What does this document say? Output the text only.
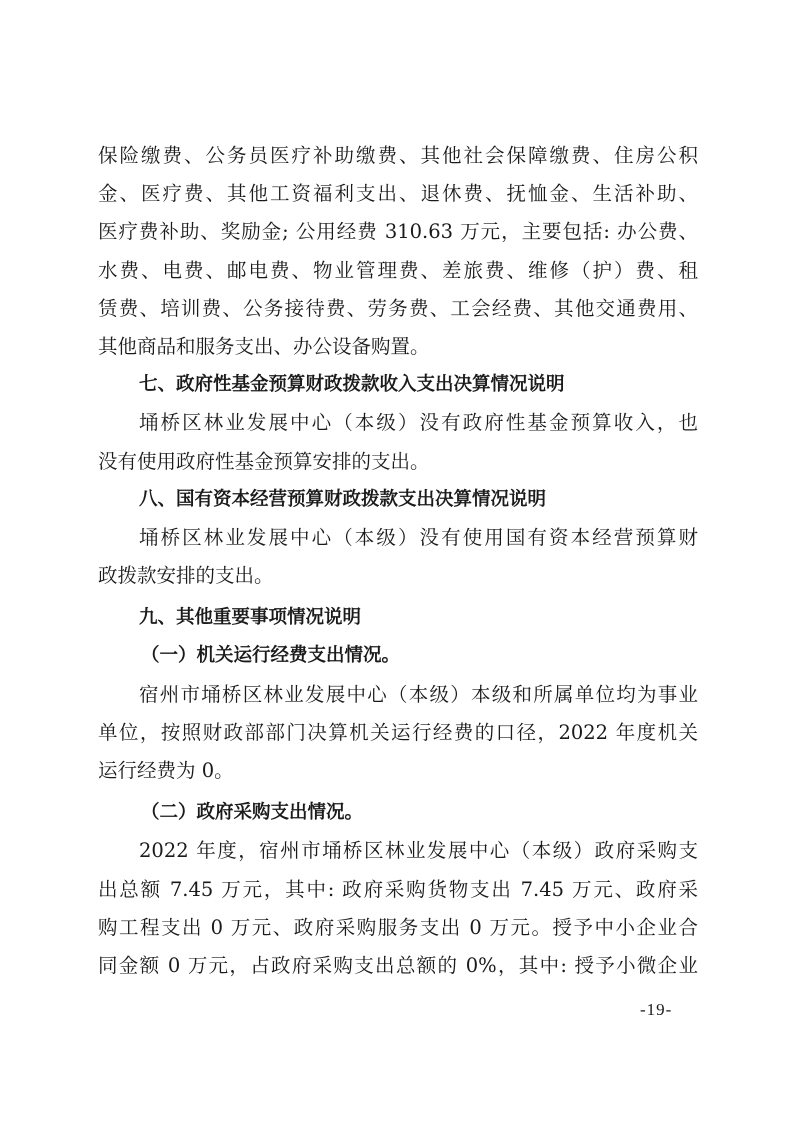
保险缴费、公务员医疗补助缴费、其他社会保障缴费、住房公积
金、医疗费、其他工资福利支出、退休费、抚恤金、生活补助、
医疗费补助、奖励金; 公用经费 310.63 万元，主要包括: 办公费、
水费、电费、邮电费、物业管理费、差旅费、维修（护）费、租
赁费、培训费、公务接待费、劳务费、工会经费、其他交通费用、
其他商品和服务支出、办公设备购置。
七、政府性基金预算财政拨款收入支出决算情况说明
埇桥区林业发展中心（本级）没有政府性基金预算收入，也
没有使用政府性基金预算安排的支出。
八、国有资本经营预算财政拨款支出决算情况说明
埇桥区林业发展中心（本级）没有使用国有资本经营预算财
政拨款安排的支出。
九、其他重要事项情况说明
（一）机关运行经费支出情况。
宿州市埇桥区林业发展中心（本级）本级和所属单位均为事业
单位，按照财政部部门决算机关运行经费的口径，2022 年度机关
运行经费为 0。
（二）政府采购支出情况。
2022 年度，宿州市埇桥区林业发展中心（本级）政府采购支
出总额 7.45 万元，其中: 政府采购货物支出 7.45 万元、政府采
购工程支出 0 万元、政府采购服务支出 0 万元。授予中小企业合
同金额 0 万元，占政府采购支出总额的 0%，其中: 授予小微企业
-19-
